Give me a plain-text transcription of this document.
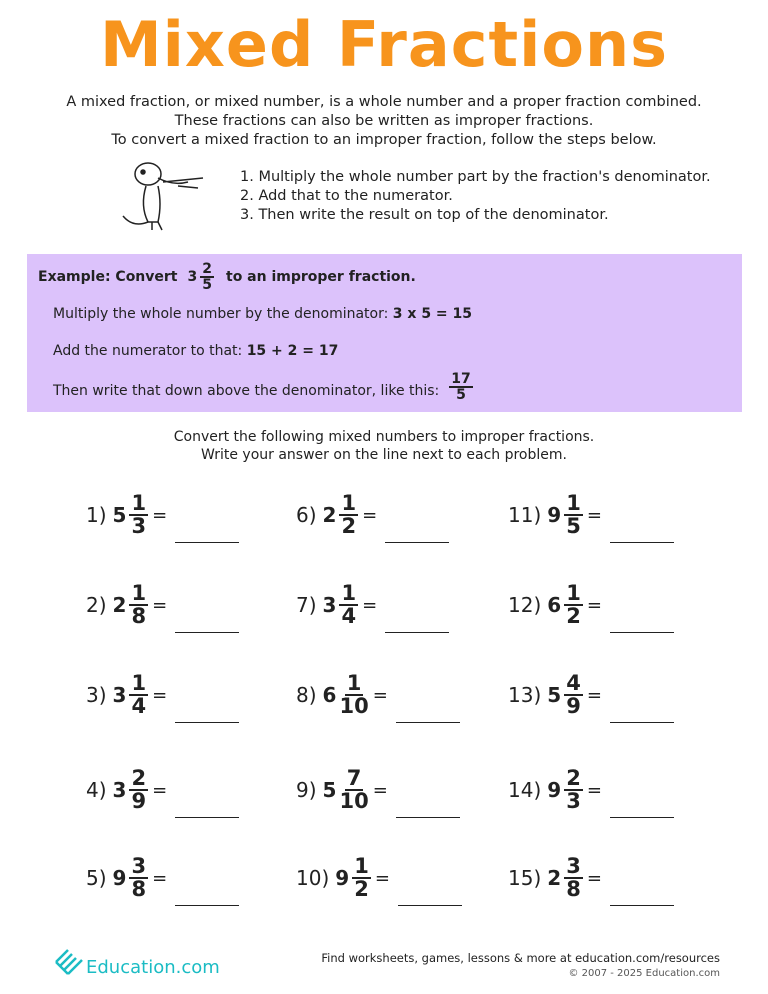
Mixed Fractions
A mixed fraction, or mixed number, is a whole number and a proper fraction combined.
These fractions can also be written as improper fractions.
To convert a mixed fraction to an improper fraction, follow the steps below.
1. Multiply the whole number part by the fraction's denominator.
2. Add that to the numerator.
3. Then write the result on top of the denominator.
Example: Convert $3 \frac{2}{5}$ to an improper fraction.
Multiply the whole number by the denominator: 3 x 5 = 15
Add the numerator to that: 15 + 2 = 17
Then write that down above the denominator, like this: $\frac{17}{5}$
Convert the following mixed numbers to improper fractions.
Write your answer on the line next to each problem.
1) $5 \frac{1}{3}$ =
2) $2 \frac{1}{8}$ =
3) $3 \frac{1}{4}$ =
4) $3 \frac{2}{9}$ =
5) $9 \frac{3}{8}$ =
6) $2 \frac{1}{2}$ =
7) $3 \frac{1}{4}$ =
8) $6 \frac{1}{10}$ =
9) $5 \frac{7}{10}$ =
10) $9 \frac{1}{2}$ =
11) $9 \frac{1}{5}$ =
12) $6 \frac{1}{2}$ =
13) $5 \frac{4}{9}$ =
14) $9 \frac{2}{3}$ =
15) $2 \frac{3}{8}$ =
Education.com	Find worksheets, games, lessons & more at education.com/resources
© 2007 - 2025 Education.com
